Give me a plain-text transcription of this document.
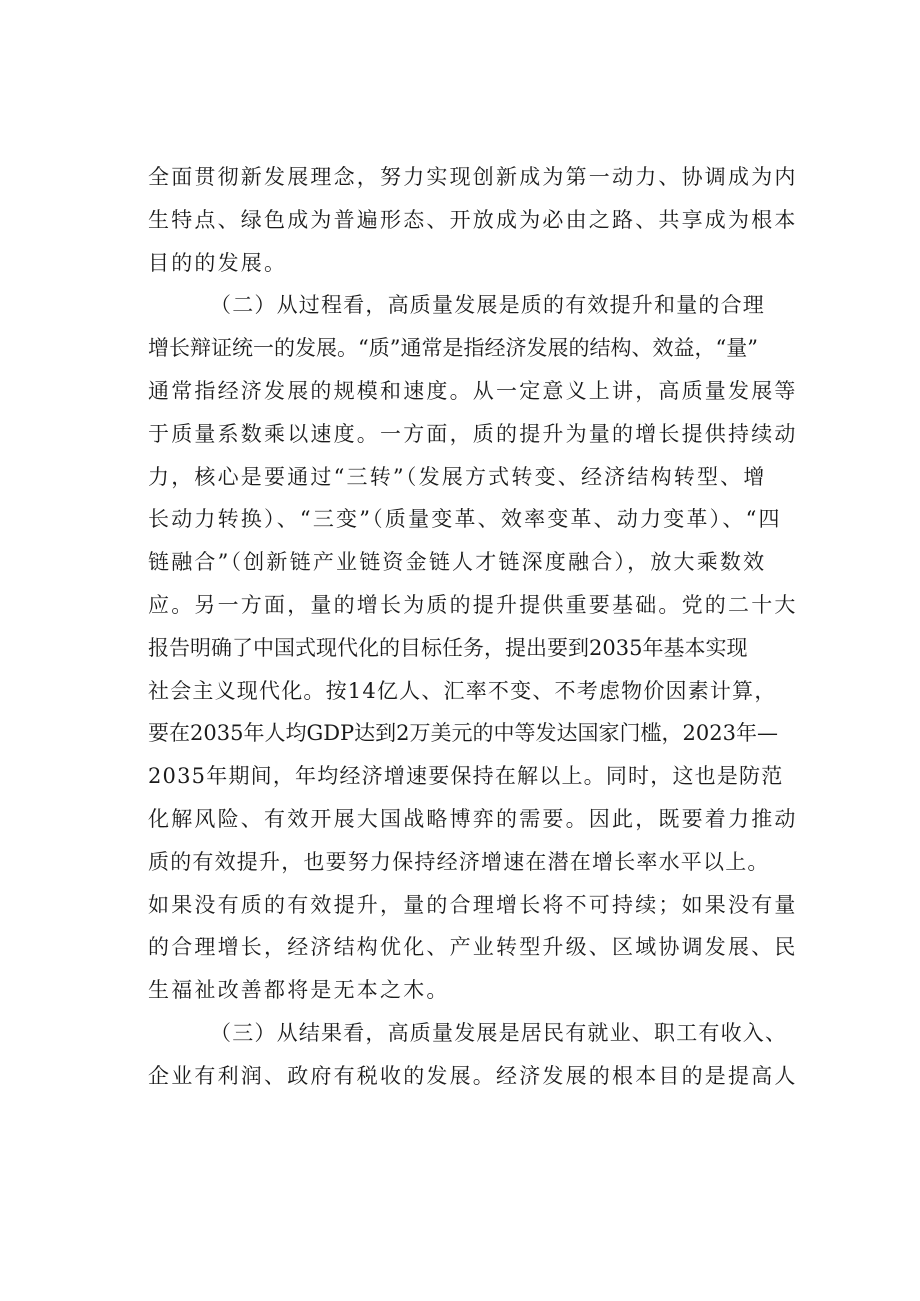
全面贯彻新发展理念，努力实现创新成为第一动力、协调成为内
生特点、绿色成为普遍形态、开放成为必由之路、共享成为根本
目的的发展。
（二）从过程看，高质量发展是质的有效提升和量的合理
增长辩证统一的发展。“质”通常是指经济发展的结构、效益，“量”
通常指经济发展的规模和速度。从一定意义上讲，高质量发展等
于质量系数乘以速度。一方面，质的提升为量的增长提供持续动
力，核心是要通过“三转”（发展方式转变、经济结构转型、增
长动力转换）、“三变”（质量变革、效率变革、动力变革）、“四
链融合”（创新链产业链资金链人才链深度融合），放大乘数效
应。另一方面，量的增长为质的提升提供重要基础。党的二十大
报告明确了中国式现代化的目标任务，提出要到2035年基本实现
社会主义现代化。按14亿人、汇率不变、不考虑物价因素计算，
要在2035年人均GDP达到2万美元的中等发达国家门槛，2023年—
2035年期间，年均经济增速要保持在解以上。同时，这也是防范
化解风险、有效开展大国战略博弈的需要。因此，既要着力推动
质的有效提升，也要努力保持经济增速在潜在增长率水平以上。
如果没有质的有效提升，量的合理增长将不可持续；如果没有量
的合理增长，经济结构优化、产业转型升级、区域协调发展、民
生福祉改善都将是无本之木。
（三）从结果看，高质量发展是居民有就业、职工有收入、
企业有利润、政府有税收的发展。经济发展的根本目的是提高人
